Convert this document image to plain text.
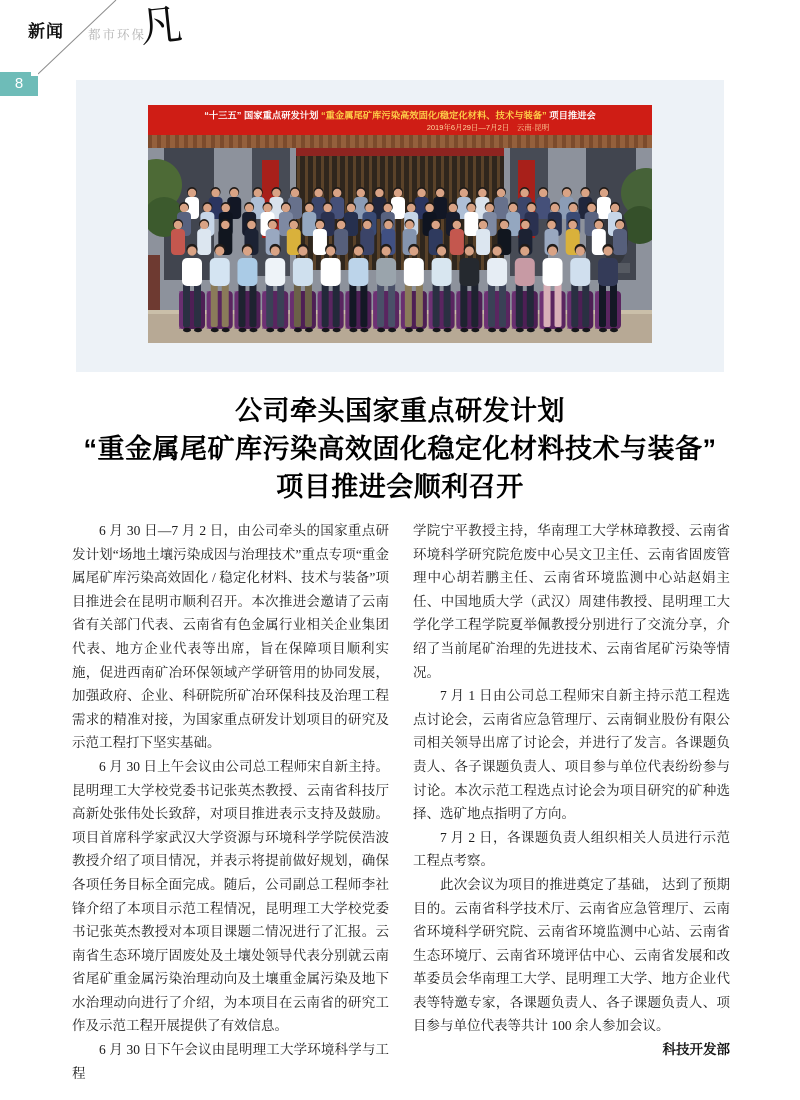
新闻 都市环保
凡
8
“十三五” 国家重点研发计划 “重金属尾矿库污染高效固化/稳定化材料、技术与装备” 项目推进会
2019年6月29日—7月2日　云南·昆明
公司牵头国家重点研发计划
“重金属尾矿库污染高效固化稳定化材料技术与装备”
项目推进会顺利召开

6 月 30 日—7 月 2 日，由公司牵头的国家重点研发计划“场地土壤污染成因与治理技术”重点专项“重金属尾矿库污染高效固化 / 稳定化材料、技术与装备”项目推进会在昆明市顺利召开。本次推进会邀请了云南省有关部门代表、云南省有色金属行业相关企业集团代表、地方企业代表等出席，旨在保障项目顺利实施，促进西南矿冶环保领域产学研管用的协同发展，加强政府、企业、科研院所矿冶环保科技及治理工程需求的精准对接，为国家重点研发计划项目的研究及示范工程打下坚实基础。

6 月 30 日上午会议由公司总工程师宋自新主持。昆明理工大学校党委书记张英杰教授、云南省科技厅高新处张伟处长致辞，对项目推进表示支持及鼓励。项目首席科学家武汉大学资源与环境科学学院侯浩波教授介绍了项目情况，并表示将提前做好规划，确保各项任务目标全面完成。随后，公司副总工程师李社锋介绍了本项目示范工程情况，昆明理工大学校党委书记张英杰教授对本项目课题二情况进行了汇报。云南省生态环境厅固废处及土壤处领导代表分别就云南省尾矿重金属污染治理动向及土壤重金属污染及地下水治理动向进行了介绍，为本项目在云南省的研究工作及示范工程开展提供了有效信息。

6 月 30 日下午会议由昆明理工大学环境科学与工程

学院宁平教授主持，华南理工大学林璋教授、云南省环境科学研究院危废中心吴文卫主任、云南省固废管理中心胡若鹏主任、云南省环境监测中心站赵娟主任、中国地质大学（武汉）周建伟教授、昆明理工大学化学工程学院夏举佩教授分别进行了交流分享，介绍了当前尾矿治理的先进技术、云南省尾矿污染等情况。

7 月 1 日由公司总工程师宋自新主持示范工程选点讨论会，云南省应急管理厅、云南铜业股份有限公司相关领导出席了讨论会，并进行了发言。各课题负责人、各子课题负责人、项目参与单位代表纷纷参与讨论。本次示范工程选点讨论会为项目研究的矿种选择、选矿地点指明了方向。

7 月 2 日，各课题负责人组织相关人员进行示范工程点考察。

此次会议为项目的推进奠定了基础， 达到了预期目的。云南省科学技术厅、云南省应急管理厅、云南省环境科学研究院、云南省环境监测中心站、云南省生态环境厅、云南省环境评估中心、云南省发展和改革委员会华南理工大学、昆明理工大学、地方企业代表等特邀专家，各课题负责人、各子课题负责人、项目参与单位代表等共计 100 余人参加会议。

科技开发部
